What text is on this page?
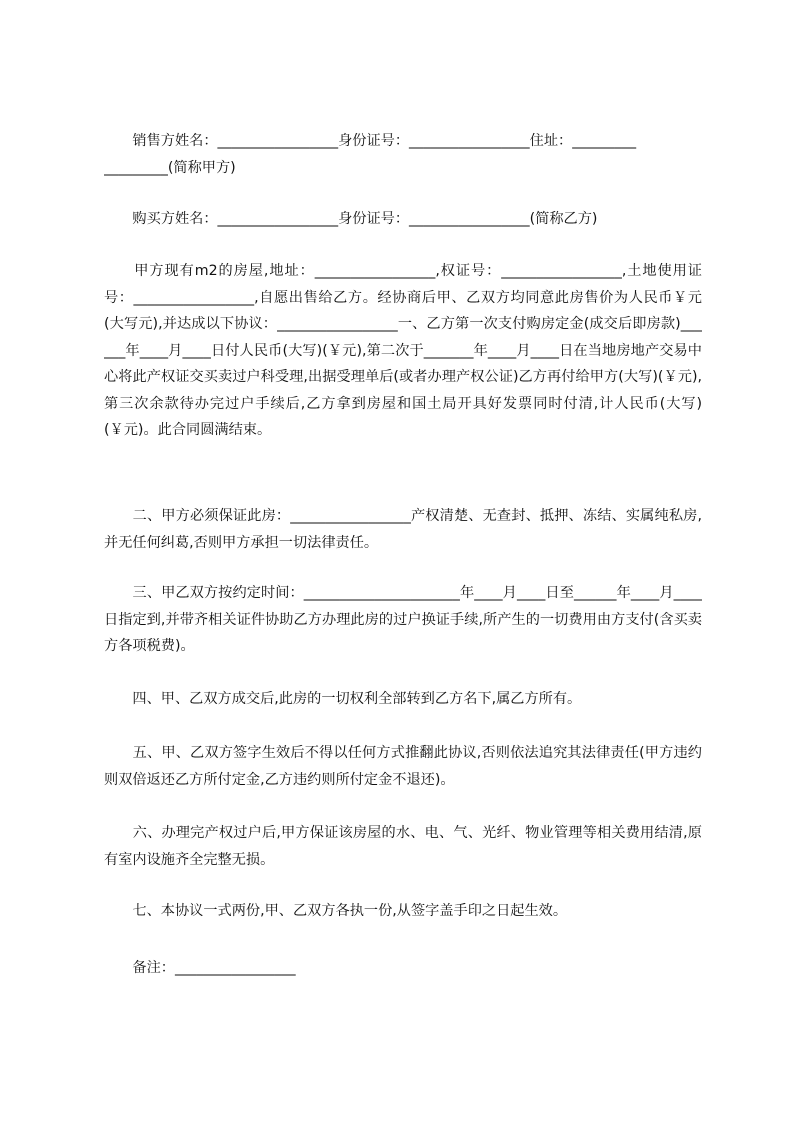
　　销售方姓名：_________________身份证号：_________________住址：_________
_________(简称甲方)

　　购买方姓名：_________________身份证号：_________________(简称乙方)

　　甲方现有m2的房屋,地址：_________________,权证号：_________________,土地使用证号：_________________,自愿出售给乙方。经协商后甲、乙双方均同意此房售价为人民币￥元(大写元),并达成以下协议：_________________一、乙方第一次支付购房定金(成交后即房款)______年____月____日付人民币(大写)(￥元),第二次于_______年____月____日在当地房地产交易中心将此产权证交买卖过户科受理,出据受理单后(或者办理产权公证)乙方再付给甲方(大写)(￥元),第三次余款待办完过户手续后,乙方拿到房屋和国土局开具好发票同时付清,计人民币(大写)(￥元)。此合同圆满结束。

　　二、甲方必须保证此房：_________________产权清楚、无查封、抵押、冻结、实属纯私房,并无任何纠葛,否则甲方承担一切法律责任。

　　三、甲乙双方按约定时间：______________________年____月____日至______年____月____日指定到,并带齐相关证件协助乙方办理此房的过户换证手续,所产生的一切费用由方支付(含买卖方各项税费)。

　　四、甲、乙双方成交后,此房的一切权利全部转到乙方名下,属乙方所有。

　　五、甲、乙双方签字生效后不得以任何方式推翻此协议,否则依法追究其法律责任(甲方违约则双倍返还乙方所付定金,乙方违约则所付定金不退还)。

　　六、办理完产权过户后,甲方保证该房屋的水、电、气、光纤、物业管理等相关费用结清,原有室内设施齐全完整无损。

　　七、本协议一式两份,甲、乙双方各执一份,从签字盖手印之日起生效。

　　备注：_________________
